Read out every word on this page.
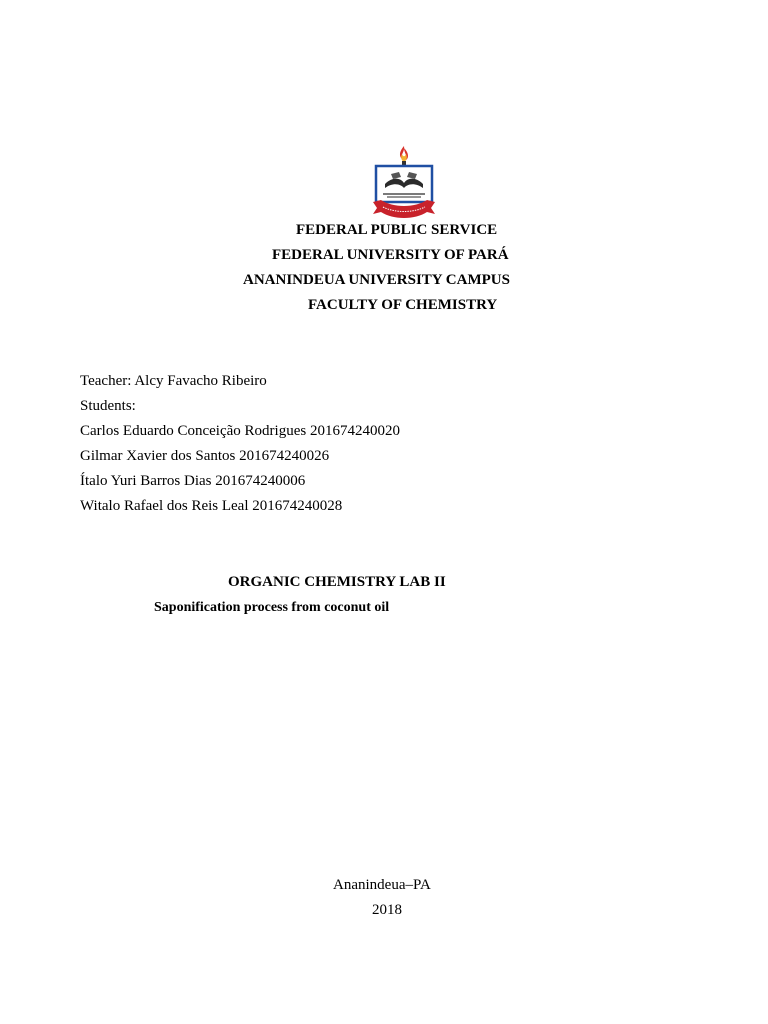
FEDERAL PUBLIC SERVICE
FEDERAL UNIVERSITY OF PARÁ
ANANINDEUA UNIVERSITY CAMPUS
FACULTY OF CHEMISTRY
Teacher: Alcy Favacho Ribeiro
Students:
Carlos Eduardo Conceição Rodrigues 201674240020
Gilmar Xavier dos Santos 201674240026
Ítalo Yuri Barros Dias 201674240006
Witalo Rafael dos Reis Leal 201674240028
ORGANIC CHEMISTRY LAB II
Saponification process from coconut oil
Ananindeua–PA
2018
